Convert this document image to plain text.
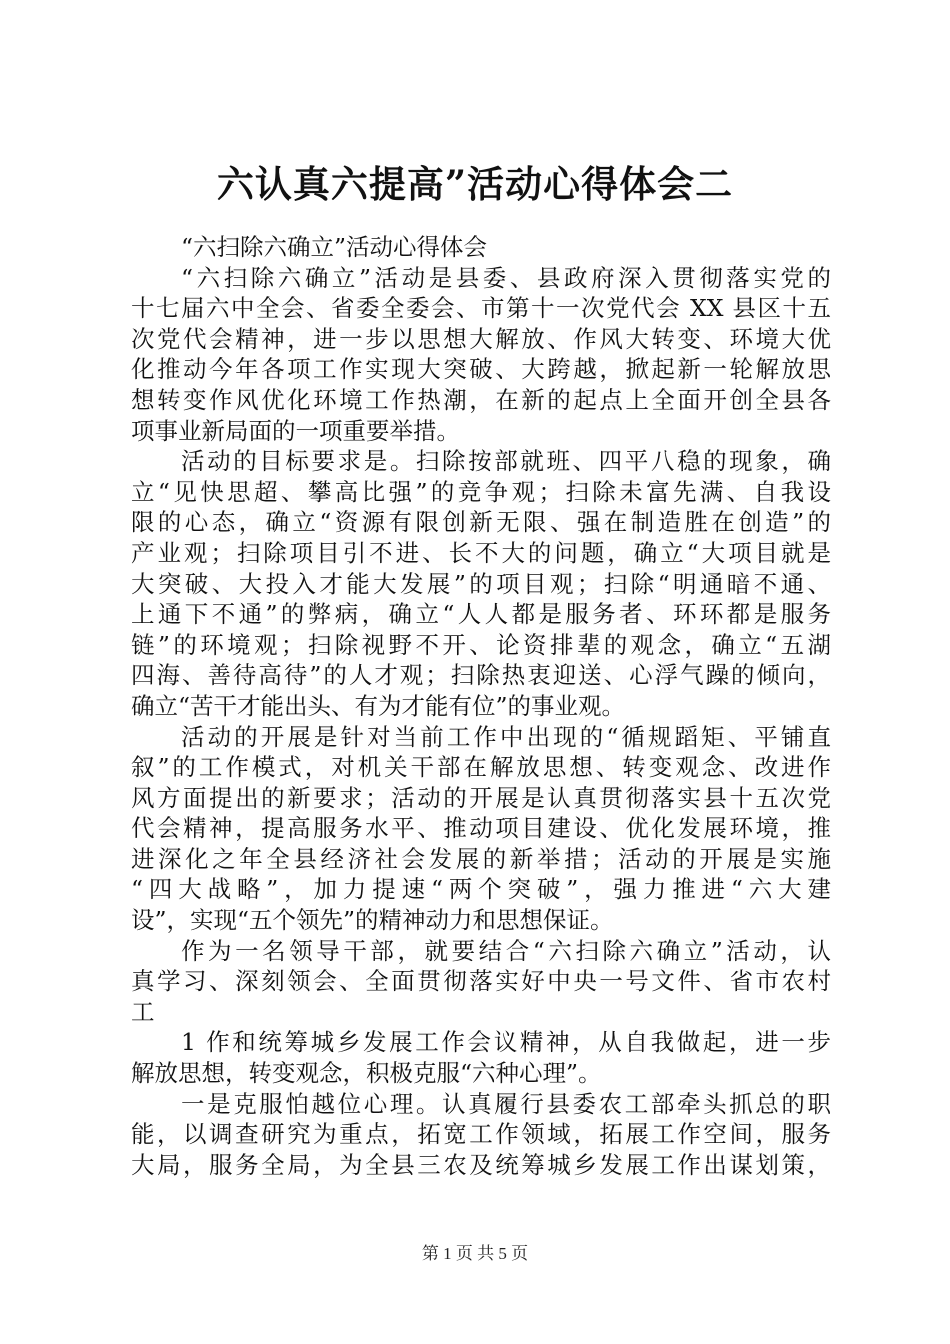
六认真六提高”活动心得体会二
“六扫除六确立”活动心得体会
“六扫除六确立”活动是县委、县政府深入贯彻落实党的
十七届六中全会、省委全委会、市第十一次党代会 XX 县区十五
次党代会精神，进一步以思想大解放、作风大转变、环境大优
化推动今年各项工作实现大突破、大跨越，掀起新一轮解放思
想转变作风优化环境工作热潮，在新的起点上全面开创全县各
项事业新局面的一项重要举措。
活动的目标要求是。扫除按部就班、四平八稳的现象，确
立“见快思超、攀高比强”的竞争观；扫除未富先满、自我设
限的心态，确立“资源有限创新无限、强在制造胜在创造”的
产业观；扫除项目引不进、长不大的问题，确立“大项目就是
大突破、大投入才能大发展”的项目观；扫除“明通暗不通、
上通下不通”的弊病，确立“人人都是服务者、环环都是服务
链”的环境观；扫除视野不开、论资排辈的观念，确立“五湖
四海、善待高待”的人才观；扫除热衷迎送、心浮气躁的倾向，
确立“苦干才能出头、有为才能有位”的事业观。
活动的开展是针对当前工作中出现的“循规蹈矩、平铺直
叙”的工作模式，对机关干部在解放思想、转变观念、改进作
风方面提出的新要求；活动的开展是认真贯彻落实县十五次党
代会精神，提高服务水平、推动项目建设、优化发展环境，推
进深化之年全县经济社会发展的新举措；活动的开展是实施
“四大战略”，加力提速“两个突破”，强力推进“六大建
设”，实现“五个领先”的精神动力和思想保证。
作为一名领导干部，就要结合“六扫除六确立”活动，认
真学习、深刻领会、全面贯彻落实好中央一号文件、省市农村
工
1 作和统筹城乡发展工作会议精神，从自我做起，进一步
解放思想，转变观念，积极克服“六种心理”。
一是克服怕越位心理。认真履行县委农工部牵头抓总的职
能，以调查研究为重点，拓宽工作领域，拓展工作空间，服务
大局，服务全局，为全县三农及统筹城乡发展工作出谋划策，
第 1 页 共 5 页
